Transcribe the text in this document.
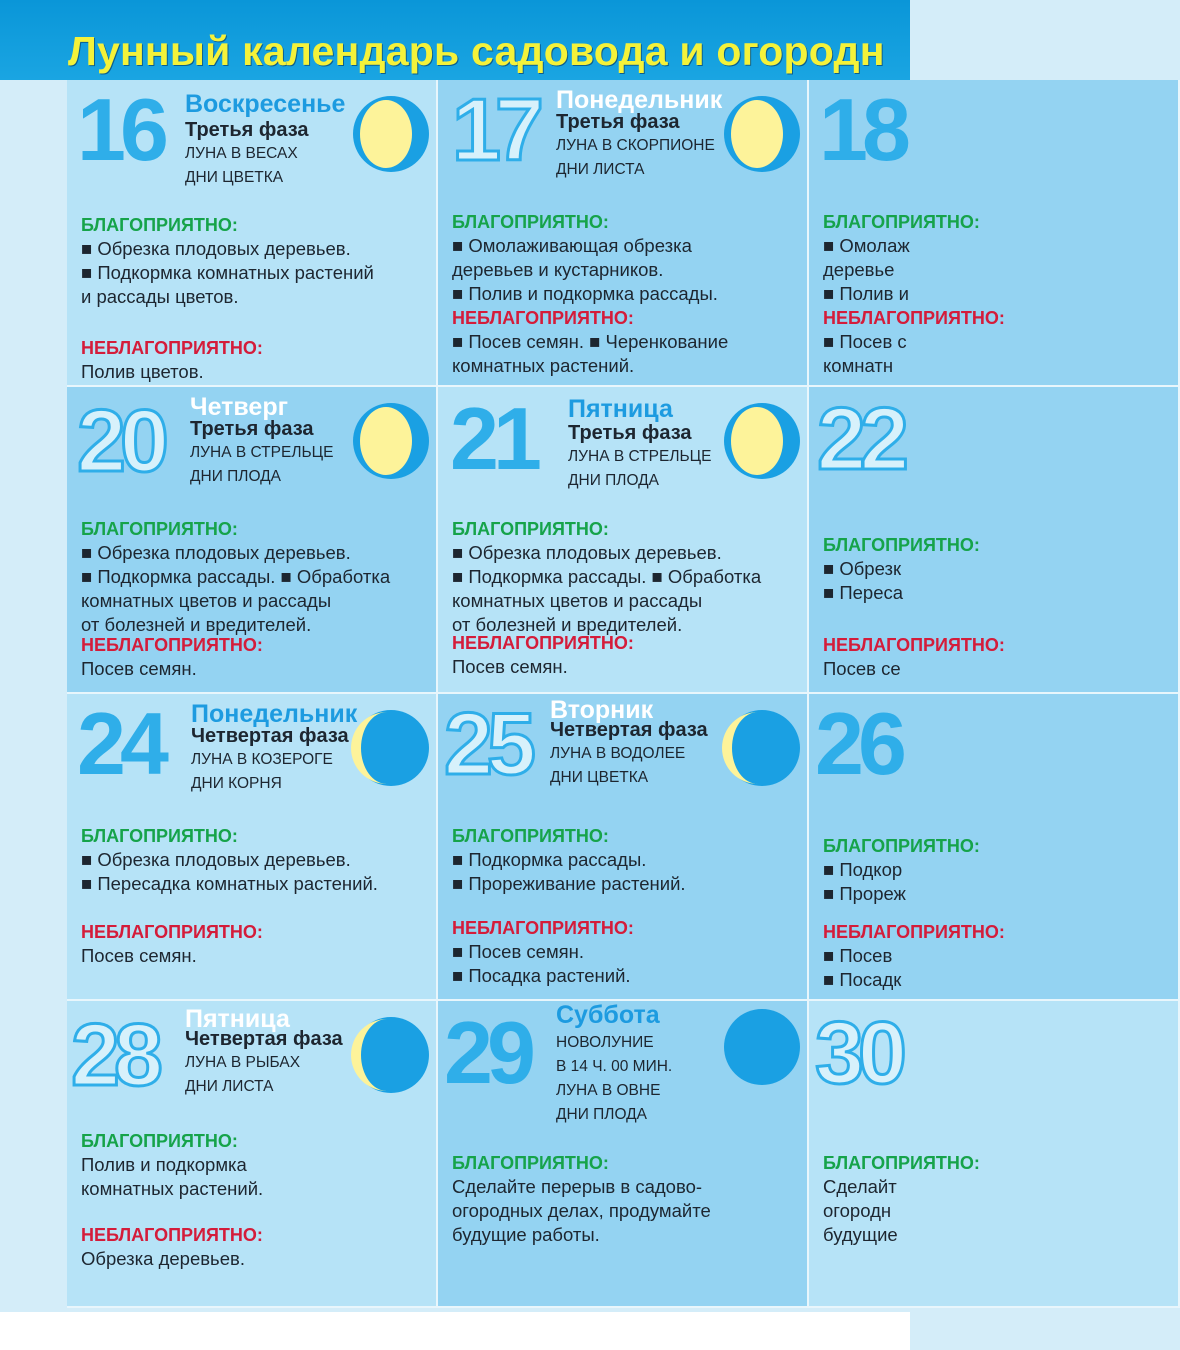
Лунный календарь садовода и огородн
16 Воскресенье
Третья фаза
ЛУНА В ВЕСАХ
ДНИ ЦВЕТКА
БЛАГОПРИЯТНО:
■ Обрезка плодовых деревьев.
■ Подкормка комнатных растений
и рассады цветов.
НЕБЛАГОПРИЯТНО:
Полив цветов.
17 Понедельник
Третья фаза
ЛУНА В СКОРПИОНЕ
ДНИ ЛИСТА
БЛАГОПРИЯТНО:
■ Омолаживающая обрезка
деревьев и кустарников.
■ Полив и подкормка рассады.
НЕБЛАГОПРИЯТНО:
■ Посев семян. ■ Черенкование
комнатных растений.
18
БЛАГОПРИЯТНО:
■ Омолаж
деревье
■ Полив и
НЕБЛАГОПРИЯТНО:
■ Посев с
комнатн
20 Четверг
Третья фаза
ЛУНА В СТРЕЛЬЦЕ
ДНИ ПЛОДА
БЛАГОПРИЯТНО:
■ Обрезка плодовых деревьев.
■ Подкормка рассады. ■ Обработка
комнатных цветов и рассады
от болезней и вредителей.
НЕБЛАГОПРИЯТНО:
Посев семян.
21 Пятница
Третья фаза
ЛУНА В СТРЕЛЬЦЕ
ДНИ ПЛОДА
БЛАГОПРИЯТНО:
■ Обрезка плодовых деревьев.
■ Подкормка рассады. ■ Обработка
комнатных цветов и рассады
от болезней и вредителей.
НЕБЛАГОПРИЯТНО:
Посев семян.
22
БЛАГОПРИЯТНО:
■ Обрезк
■ Переса
НЕБЛАГОПРИЯТНО:
Посев се
24 Понедельник
Четвертая фаза
ЛУНА В КОЗЕРОГЕ
ДНИ КОРНЯ
БЛАГОПРИЯТНО:
■ Обрезка плодовых деревьев.
■ Пересадка комнатных растений.
НЕБЛАГОПРИЯТНО:
Посев семян.
25 Вторник
Четвертая фаза
ЛУНА В ВОДОЛЕЕ
ДНИ ЦВЕТКА
БЛАГОПРИЯТНО:
■ Подкормка рассады.
■ Прореживание растений.
НЕБЛАГОПРИЯТНО:
■ Посев семян.
■ Посадка растений.
26
БЛАГОПРИЯТНО:
■ Подкор
■ Прореж
НЕБЛАГОПРИЯТНО:
■ Посев
■ Посадк
28 Пятница
Четвертая фаза
ЛУНА В РЫБАХ
ДНИ ЛИСТА
БЛАГОПРИЯТНО:
Полив и подкормка
комнатных растений.
НЕБЛАГОПРИЯТНО:
Обрезка деревьев.
29 Суббота
НОВОЛУНИЕ
В 14 Ч. 00 МИН.
ЛУНА В ОВНЕ
ДНИ ПЛОДА
БЛАГОПРИЯТНО:
Сделайте перерыв в садово-
огородных делах, продумайте
будущие работы.
30
БЛАГОПРИЯТНО:
Сделайт
огородн
будущие
